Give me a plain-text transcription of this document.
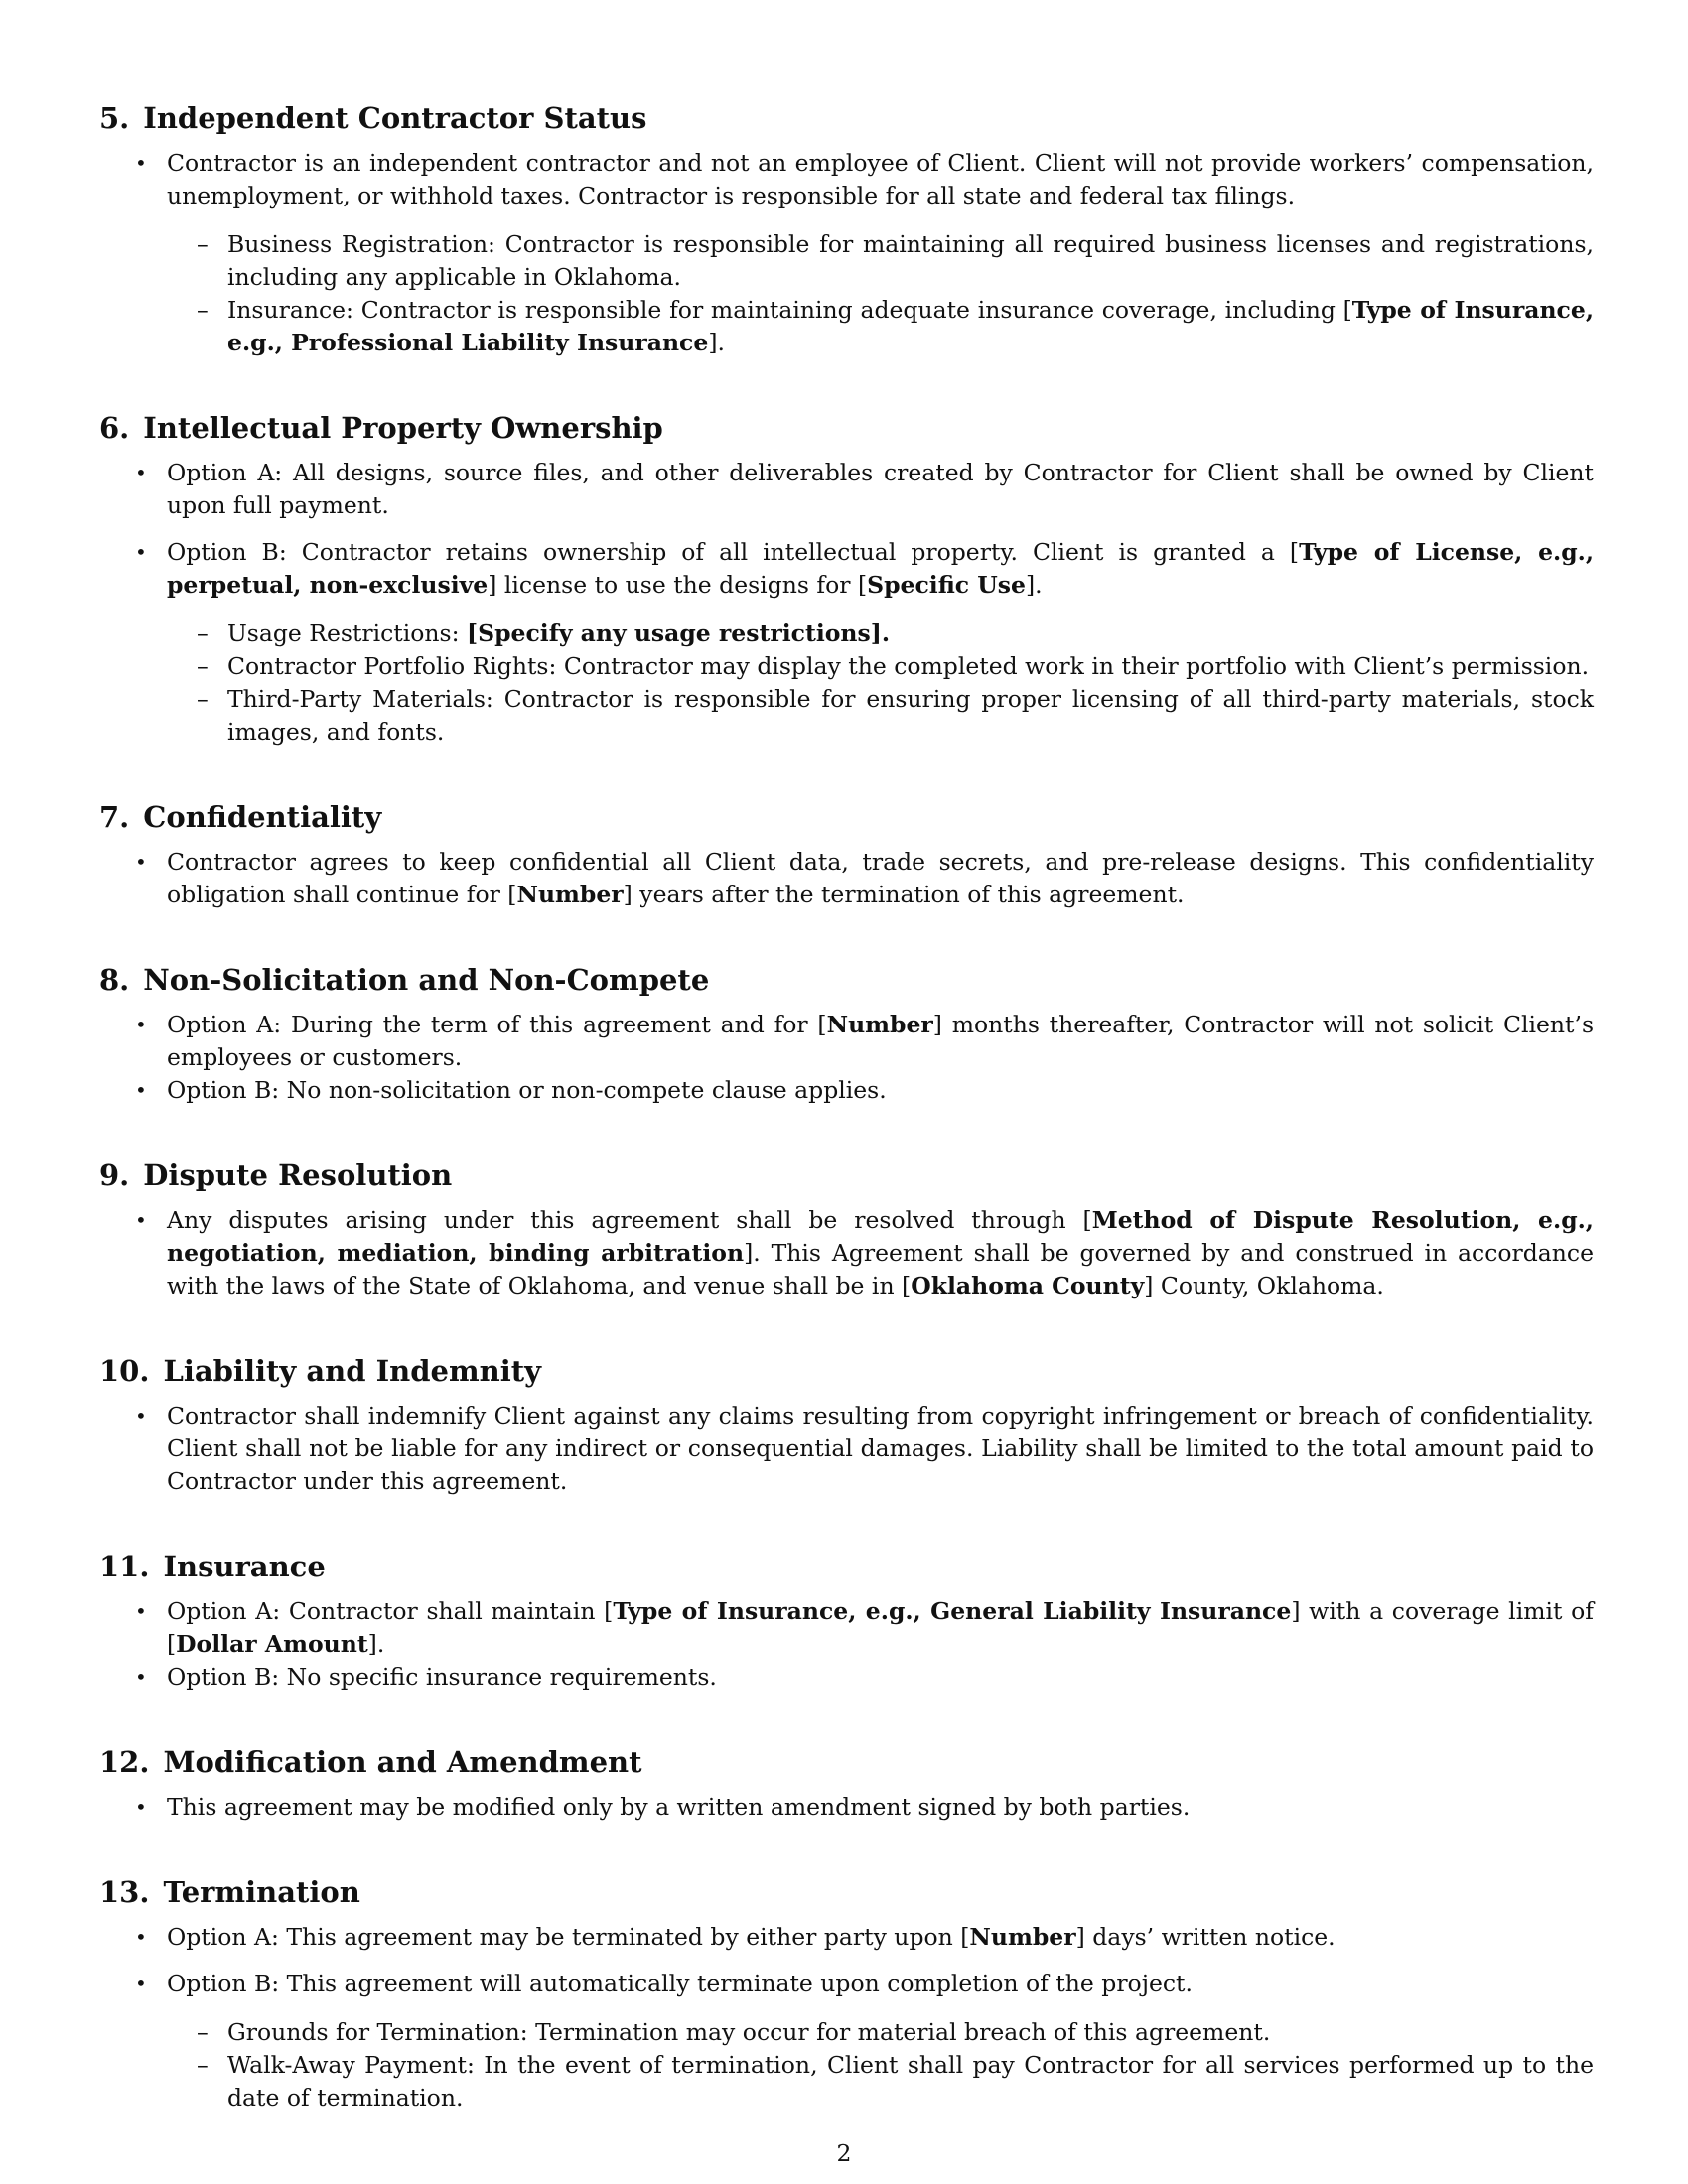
5. Independent Contractor Status
• Contractor is an independent contractor and not an employee of Client. Client will not provide workers’ compensation, unemployment, or withhold taxes. Contractor is responsible for all state and federal tax filings.
– Business Registration: Contractor is responsible for maintaining all required business licenses and registrations, including any applicable in Oklahoma.
– Insurance: Contractor is responsible for maintaining adequate insurance coverage, including [Type of Insurance, e.g., Professional Liability Insurance].
6. Intellectual Property Ownership
• Option A: All designs, source files, and other deliverables created by Contractor for Client shall be owned by Client upon full payment.
• Option B: Contractor retains ownership of all intellectual property. Client is granted a [Type of License, e.g., perpetual, non-exclusive] license to use the designs for [Specific Use].
– Usage Restrictions: [Specify any usage restrictions].
– Contractor Portfolio Rights: Contractor may display the completed work in their portfolio with Client’s permission.
– Third-Party Materials: Contractor is responsible for ensuring proper licensing of all third-party materials, stock images, and fonts.
7. Confidentiality
• Contractor agrees to keep confidential all Client data, trade secrets, and pre-release designs. This confidentiality obligation shall continue for [Number] years after the termination of this agreement.
8. Non-Solicitation and Non-Compete
• Option A: During the term of this agreement and for [Number] months thereafter, Contractor will not solicit Client’s employees or customers.
• Option B: No non-solicitation or non-compete clause applies.
9. Dispute Resolution
• Any disputes arising under this agreement shall be resolved through [Method of Dispute Resolution, e.g., negotiation, mediation, binding arbitration]. This Agreement shall be governed by and construed in accordance with the laws of the State of Oklahoma, and venue shall be in [Oklahoma County] County, Oklahoma.
10. Liability and Indemnity
• Contractor shall indemnify Client against any claims resulting from copyright infringement or breach of confidentiality. Client shall not be liable for any indirect or consequential damages. Liability shall be limited to the total amount paid to Contractor under this agreement.
11. Insurance
• Option A: Contractor shall maintain [Type of Insurance, e.g., General Liability Insurance] with a coverage limit of [Dollar Amount].
• Option B: No specific insurance requirements.
12. Modification and Amendment
• This agreement may be modified only by a written amendment signed by both parties.
13. Termination
• Option A: This agreement may be terminated by either party upon [Number] days’ written notice.
• Option B: This agreement will automatically terminate upon completion of the project.
– Grounds for Termination: Termination may occur for material breach of this agreement.
– Walk-Away Payment: In the event of termination, Client shall pay Contractor for all services performed up to the date of termination.
2
